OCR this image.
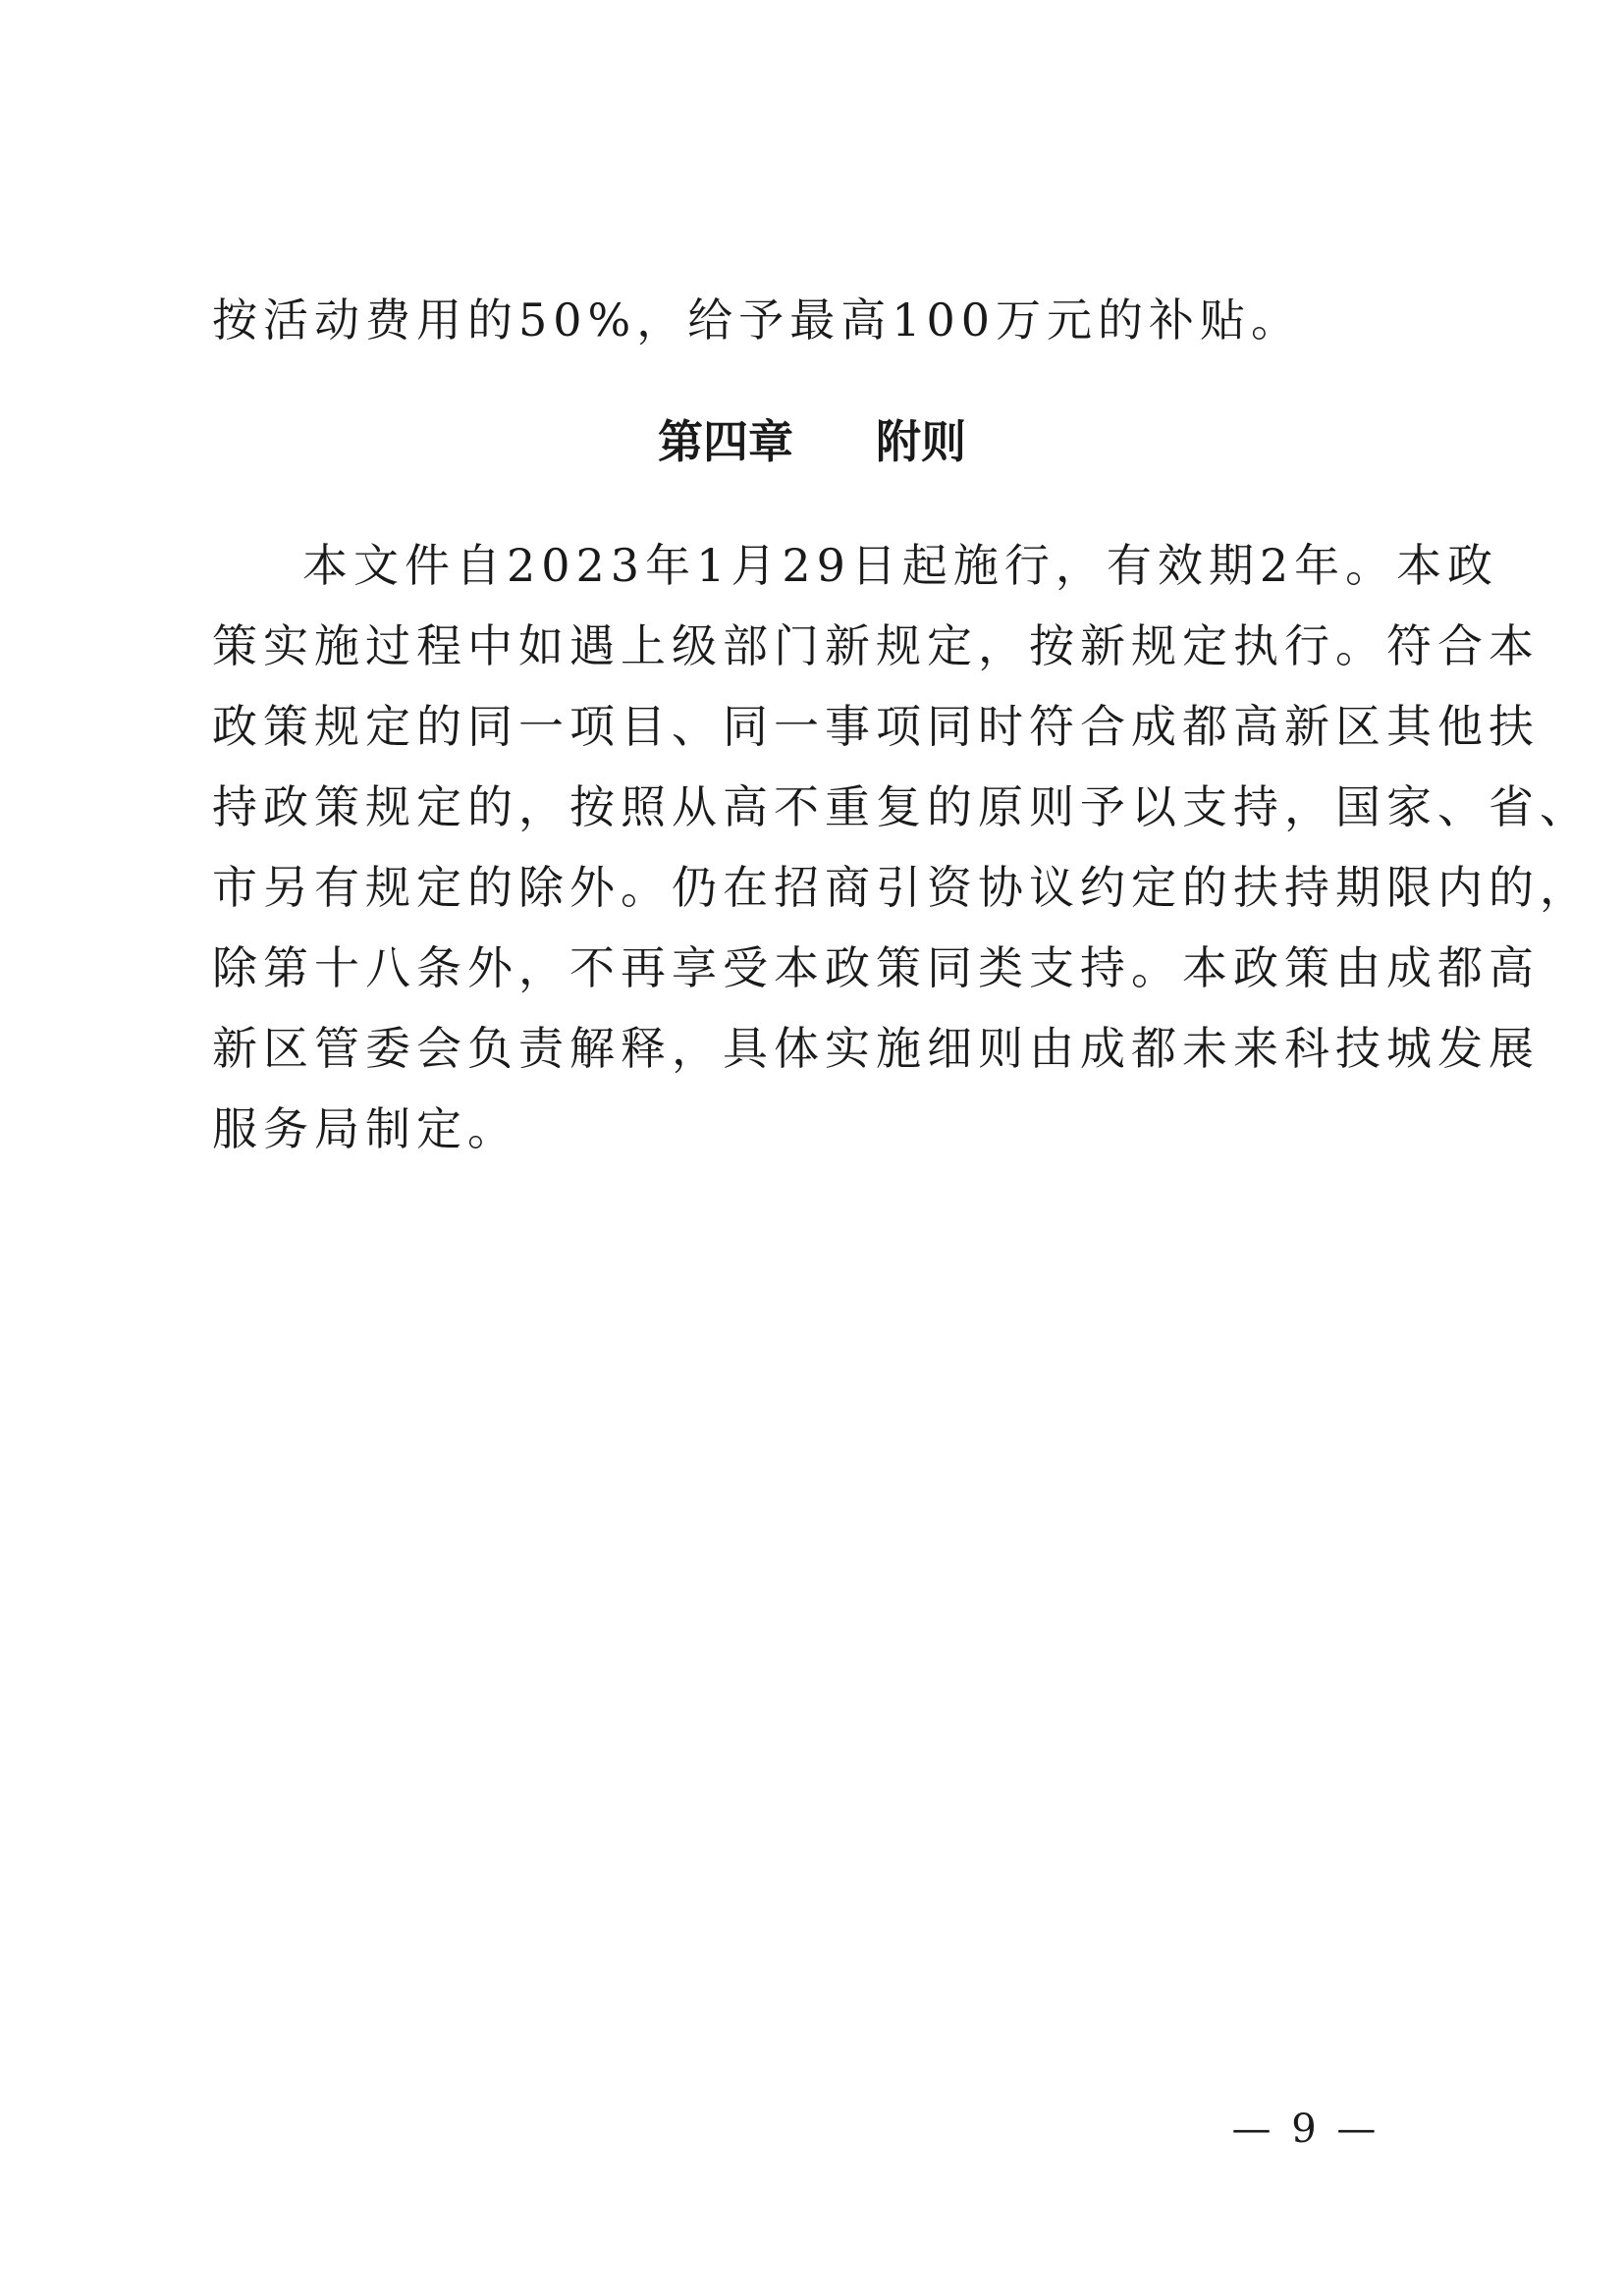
按活动费用的50%，给予最高100万元的补贴。
第四章 附则
本文件自2023年1月29日起施行，有效期2年。本政
策实施过程中如遇上级部门新规定，按新规定执行。符合本
政策规定的同一项目、同一事项同时符合成都高新区其他扶
持政策规定的，按照从高不重复的原则予以支持，国家、省、
市另有规定的除外。仍在招商引资协议约定的扶持期限内的，
除第十八条外，不再享受本政策同类支持。本政策由成都高
新区管委会负责解释，具体实施细则由成都未来科技城发展
服务局制定。
— 9 —
